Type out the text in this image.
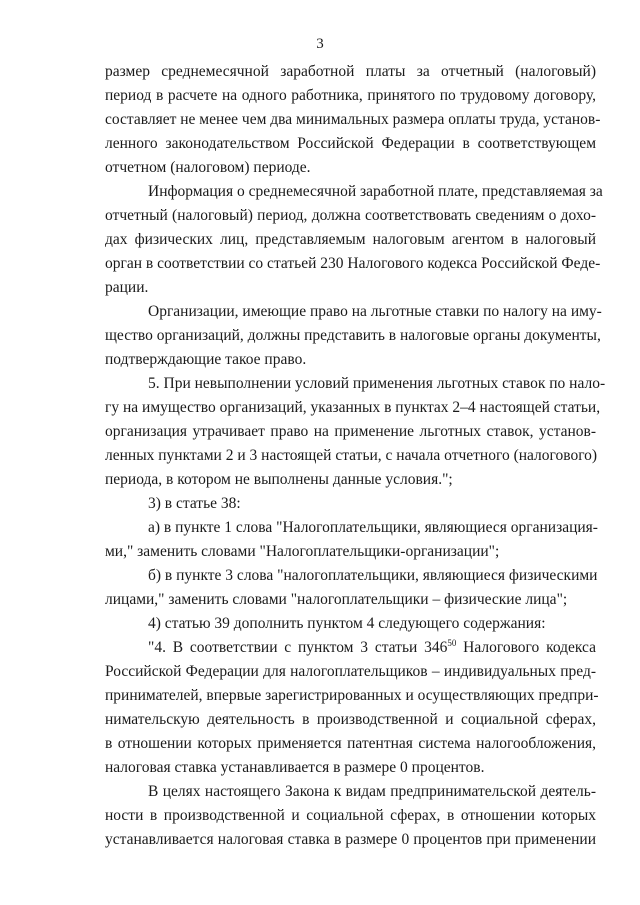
3
размер среднемесячной заработной платы за отчетный (налоговый)
период в расчете на одного работника, принятого по трудовому договору,
составляет не менее чем два минимальных размера оплаты труда, установ-
ленного законодательством Российской Федерации в соответствующем
отчетном (налоговом) периоде.
Информация о среднемесячной заработной плате, представляемая за
отчетный (налоговый) период, должна соответствовать сведениям о дохо-
дах физических лиц, представляемым налоговым агентом в налоговый
орган в соответствии со статьей 230 Налогового кодекса Российской Феде-
рации.
Организации, имеющие право на льготные ставки по налогу на иму-
щество организаций, должны представить в налоговые органы документы,
подтверждающие такое право.
5. При невыполнении условий применения льготных ставок по нало-
гу на имущество организаций, указанных в пунктах 2–4 настоящей статьи,
организация утрачивает право на применение льготных ставок, установ-
ленных пунктами 2 и 3 настоящей статьи, с начала отчетного (налогового)
периода, в котором не выполнены данные условия.";
3) в статье 38:
а) в пункте 1 слова "Налогоплательщики, являющиеся организация-
ми," заменить словами "Налогоплательщики-организации";
б) в пункте 3 слова "налогоплательщики, являющиеся физическими
лицами," заменить словами "налогоплательщики – физические лица";
4) статью 39 дополнить пунктом 4 следующего содержания:
"4. В соответствии с пунктом 3 статьи $346^{50}$ Налогового кодекса
Российской Федерации для налогоплательщиков – индивидуальных пред-
принимателей, впервые зарегистрированных и осуществляющих предпри-
нимательскую деятельность в производственной и социальной сферах,
в отношении которых применяется патентная система налогообложения,
налоговая ставка устанавливается в размере 0 процентов.
В целях настоящего Закона к видам предпринимательской деятель-
ности в производственной и социальной сферах, в отношении которых
устанавливается налоговая ставка в размере 0 процентов при применении
